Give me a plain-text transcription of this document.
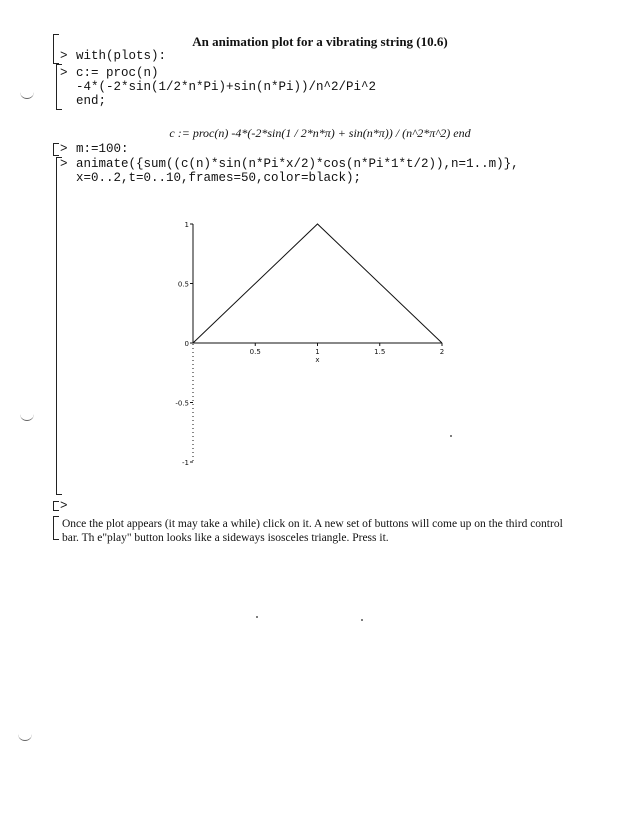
An animation plot for a vibrating string (10.6)
> with(plots):
> c:= proc(n)
-4*(-2*sin(1/2*n*Pi)+sin(n*Pi))/n^2/Pi^2
end;
c := proc(n) -4*(-2*sin(1 / 2*n*π) + sin(n*π)) / (n^2*π^2) end
> m:=100:
> animate({sum((c(n)*sin(n*Pi*x/2)*cos(n*Pi*1*t/2)),n=1..m)},
x=0..2,t=0..10,frames=50,color=black);
0.5	1	1.5	2
1
0.5
0
-0.5
-1
x
>
Once the plot appears (it may take a while) click on it. A new set of buttons will come up on the third control bar. Th e"play" button looks like a sideways isosceles triangle. Press it.
